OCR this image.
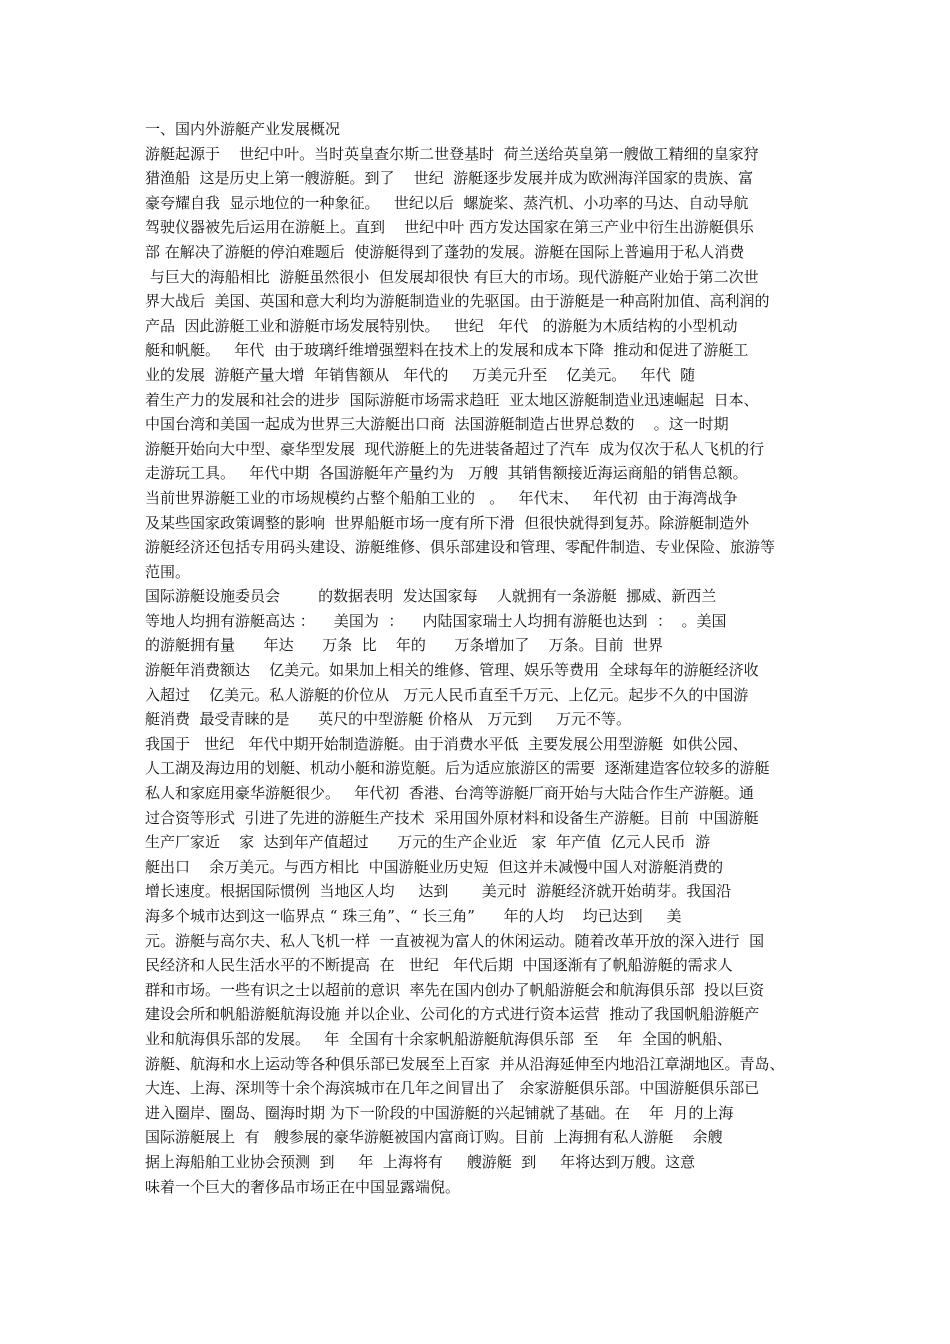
一、国内外游艇产业发展概况
游艇起源于    世纪中叶。当时英皇查尔斯二世登基时  荷兰送给英皇第一艘做工精细的皇家狩
猎渔船  这是历史上第一艘游艇。到了    世纪  游艇逐步发展并成为欧洲海洋国家的贵族、富
豪夸耀自我  显示地位的一种象征。   世纪以后  螺旋桨、蒸汽机、小功率的马达、自动导航
驾驶仪器被先后运用在游艇上。直到    世纪中叶 西方发达国家在第三产业中衍生出游艇俱乐
部 在解决了游艇的停泊难题后  使游艇得到了蓬勃的发展。游艇在国际上普遍用于私人消费
与巨大的海船相比  游艇虽然很小  但发展却很快 有巨大的市场。现代游艇产业始于第二次世
界大战后  美国、英国和意大利均为游艇制造业的先驱国。由于游艇是一种高附加值、高利润的
产品  因此游艇工业和游艇市场发展特别快。   世纪   年代   的游艇为木质结构的小型机动
艇和帆艇。   年代  由于玻璃纤维增强塑料在技术上的发展和成本下降  推动和促进了游艇工
业的发展  游艇产量大增  年销售额从   年代的     万美元升至    亿美元。   年代  随
着生产力的发展和社会的进步  国际游艇市场需求趋旺  亚太地区游艇制造业迅速崛起  日本、
中国台湾和美国一起成为世界三大游艇出口商  法国游艇制造占世界总数的    。这一时期
游艇开始向大中型、豪华型发展  现代游艇上的先进装备超过了汽车  成为仅次于私人飞机的行
走游玩工具。   年代中期  各国游艇年产量约为   万艘  其销售额接近海运商船的销售总额。
当前世界游艇工业的市场规模约占整个船舶工业的   。   年代末、   年代初  由于海湾战争
及某些国家政策调整的影响  世界船艇市场一度有所下滑  但很快就得到复苏。除游艇制造外
游艇经济还包括专用码头建设、游艇维修、俱乐部建设和管理、零配件制造、专业保险、旅游等
范围。
国际游艇设施委员会        的数据表明  发达国家每    人就拥有一条游艇  挪威、新西兰
等地人均拥有游艇高达 ：    美国为  ：    内陆国家瑞士人均拥有游艇也达到  ：  。美国
的游艇拥有量      年达      万条  比    年的      万条增加了    万条。目前  世界
游艇年消费额达    亿美元。如果加上相关的维修、管理、娱乐等费用  全球每年的游艇经济收
入超过    亿美元。私人游艇的价位从   万元人民币直至千万元、上亿元。起步不久的中国游
艇消费  最受青睐的是      英尺的中型游艇 价格从   万元到     万元不等。
我国于   世纪   年代中期开始制造游艇。由于消费水平低  主要发展公用型游艇  如供公园、
人工湖及海边用的划艇、机动小艇和游览艇。后为适应旅游区的需要  逐渐建造客位较多的游艇
私人和家庭用豪华游艇很少。   年代初  香港、台湾等游艇厂商开始与大陆合作生产游艇。通
过合资等形式  引进了先进的游艇生产技术  采用国外原材料和设备生产游艇。目前  中国游艇
生产厂家近    家  达到年产值超过      万元的生产企业近   家  年产值  亿元人民币  游
艇出口    余万美元。与西方相比  中国游艇业历史短  但这并未减慢中国人对游艇消费的
增长速度。根据国际惯例  当地区人均     达到       美元时  游艇经济就开始萌芽。我国沿
海多个城市达到这一临界点 “ 珠三角”、“ 长三角”      年的人均    均已达到     美
元。游艇与高尔夫、私人飞机一样  一直被视为富人的休闲运动。随着改革开放的深入进行  国
民经济和人民生活水平的不断提高  在   世纪   年代后期  中国逐渐有了帆船游艇的需求人
群和市场。一些有识之士以超前的意识  率先在国内创办了帆船游艇会和航海俱乐部  投以巨资
建设会所和帆船游艇航海设施 并以企业、公司化的方式进行资本运营  推动了我国帆船游艇产
业和航海俱乐部的发展。   年  全国有十余家帆船游艇航海俱乐部  至    年  全国的帆船、
游艇、航海和水上运动等各种俱乐部已发展至上百家  并从沿海延伸至内地沿江章湖地区。青岛、
大连、上海、深圳等十余个海滨城市在几年之间冒出了   余家游艇俱乐部。中国游艇俱乐部已
进入圈岸、圈岛、圈海时期 为下一阶段的中国游艇的兴起铺就了基础。在    年  月的上海
国际游艇展上  有   艘参展的豪华游艇被国内富商订购。目前  上海拥有私人游艇    余艘
据上海船舶工业协会预测  到     年  上海将有     艘游艇  到     年将达到万艘。这意
味着一个巨大的奢侈品市场正在中国显露端倪。
